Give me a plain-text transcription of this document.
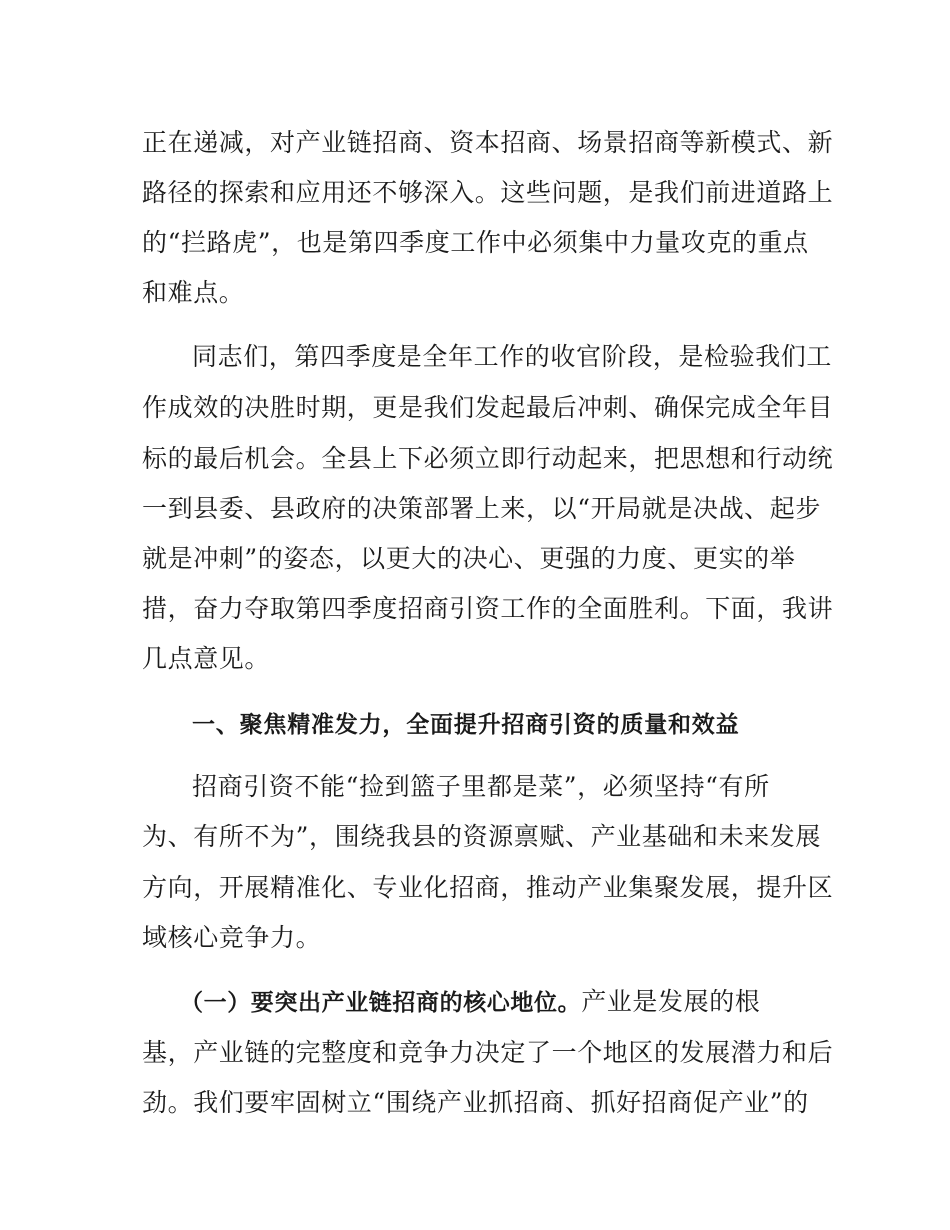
正在递减，对产业链招商、资本招商、场景招商等新模式、新
路径的探索和应用还不够深入。这些问题，是我们前进道路上
的“拦路虎”，也是第四季度工作中必须集中力量攻克的重点
和难点。
同志们，第四季度是全年工作的收官阶段，是检验我们工
作成效的决胜时期，更是我们发起最后冲刺、确保完成全年目
标的最后机会。全县上下必须立即行动起来，把思想和行动统
一到县委、县政府的决策部署上来，以“开局就是决战、起步
就是冲刺”的姿态，以更大的决心、更强的力度、更实的举
措，奋力夺取第四季度招商引资工作的全面胜利。下面，我讲
几点意见。
一、聚焦精准发力，全面提升招商引资的质量和效益
招商引资不能“捡到篮子里都是菜”，必须坚持“有所
为、有所不为”，围绕我县的资源禀赋、产业基础和未来发展
方向，开展精准化、专业化招商，推动产业集聚发展，提升区
域核心竞争力。
（一）要突出产业链招商的核心地位。产业是发展的根
基，产业链的完整度和竞争力决定了一个地区的发展潜力和后
劲。我们要牢固树立“围绕产业抓招商、抓好招商促产业”的
